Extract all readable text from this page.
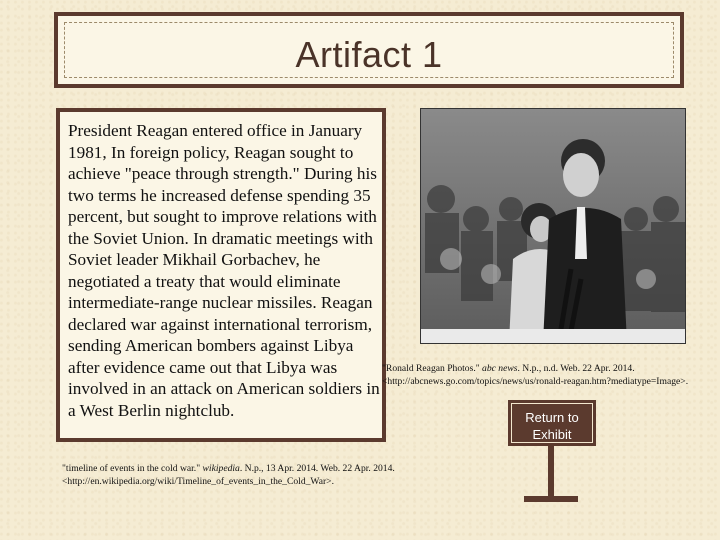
Artifact 1
President Reagan entered office in January 1981, In foreign policy, Reagan sought to achieve "peace through strength." During his two terms he increased defense spending 35 percent, but sought to improve relations with the Soviet Union. In dramatic meetings with Soviet leader Mikhail Gorbachev, he negotiated a treaty that would eliminate intermediate-range nuclear missiles. Reagan declared war against international terrorism, sending American bombers against Libya after evidence came out that Libya was involved in an attack on American soldiers in a West Berlin nightclub.
"Ronald Reagan Photos." abc news. N.p., n.d. Web. 22 Apr. 2014.
<http://abcnews.go.com/topics/news/us/ronald-reagan.htm?mediatype=Image>.
Return to
Exhibit
"timeline of events in the cold war." wikipedia. N.p., 13 Apr. 2014. Web. 22 Apr. 2014. <http://en.wikipedia.org/wiki/Timeline_of_events_in_the_Cold_War>.
